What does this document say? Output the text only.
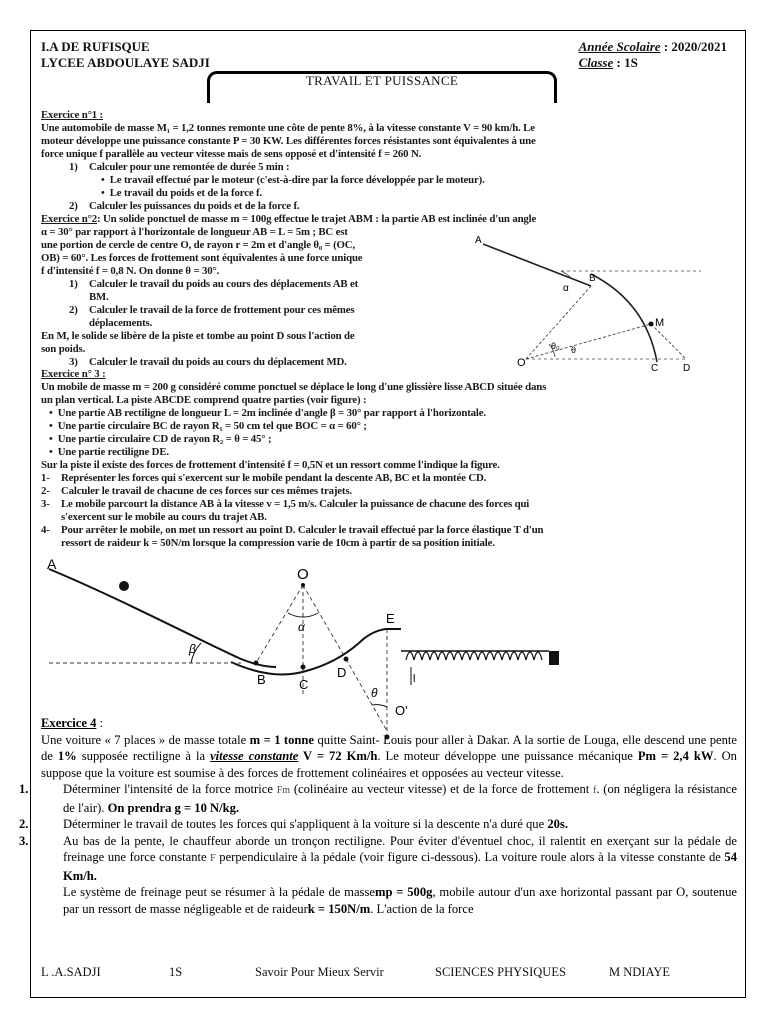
I.A DE RUFISQUE
LYCEE ABDOULAYE SADJI
Année Scolaire : 2020/2021
Classe : 1S
TRAVAIL ET PUISSANCE
Exercice n°1 :
Une automobile de masse M₁ = 1,2 tonnes remonte une côte de pente 8%, à la vitesse constante V = 90 km/h. Le
moteur développe une puissance constante P = 30 KW. Les différentes forces résistantes sont équivalentes à une
force unique f parallèle au vecteur vitesse mais de sens opposé et d'intensité f = 260 N.
1) Calculer pour une remontée de durée 5 min :
•  Le travail effectué par le moteur (c'est-à-dire par la force développée par le moteur).
•  Le travail du poids et de la force f.
2) Calculer les puissances du poids et de la force f.
Exercice n°2: Un solide ponctuel de masse m = 100g effectue le trajet ABM : la partie AB est inclinée d'un angle
α = 30° par rapport à l'horizontale de longueur AB = L = 5m ; BC est
une portion de cercle de centre O, de rayon r = 2m et d'angle θ₀ = (OC,
OB) = 60°. Les forces de frottement sont équivalentes à une force unique
f d'intensité f = 0,8 N. On donne θ = 30°.
1) Calculer le travail du poids au cours des déplacements AB et
BM.
2) Calculer le travail de la force de frottement pour ces mêmes
déplacements.
En M, le solide se libère de la piste et tombe au point D sous l'action de
son poids.
3) Calculer le travail du poids au cours du déplacement MD.
A
B
M
O	C D
α
θ₀ θ
Exercice n° 3 :
Un mobile de masse m = 200 g considéré comme ponctuel se déplace le long d'une glissière lisse ABCD située dans
un plan vertical. La piste ABCDE comprend quatre parties (voir figure) :
•  Une partie AB rectiligne de longueur L = 2m inclinée d'angle β = 30° par rapport à l'horizontale.
•  Une partie circulaire BC de rayon R₁ = 50 cm tel que BOC = α = 60° ;
•  Une partie circulaire CD de rayon R₂ = θ = 45° ;
•  Une partie rectiligne DE.
Sur la piste il existe des forces de frottement d'intensité f = 0,5N et un ressort comme l'indique la figure.
1- Représenter les forces qui s'exercent sur le mobile pendant la descente AB, BC et la montée CD.
2- Calculer le travail de chacune de ces forces sur ces mêmes trajets.
3- Le mobile parcourt la distance AB à la vitesse v = 1,5 m/s. Calculer la puissance de chacune des forces qui
s'exercent sur le mobile au cours du trajet AB.
4- Pour arrêter le mobile, on met un ressort au point D. Calculer le travail effectué par la force élastique T d'un
ressort de raideur k = 50N/m lorsque la compression varie de 10cm à partir de sa position initiale.
A
B
β
O
α
C
D
E
θ
O'
l
Exercice 4 :
Une voiture « 7 places » de masse totale m = 1 tonne quitte Saint- Louis pour aller à Dakar. A la sortie de Louga, elle descend une pente de 1% supposée rectiligne à la vitesse constante V = 72 Km/h. Le moteur développe une puissance mécanique Pm = 2,4 kW. On suppose que la voiture est soumise à des forces de frottement colinéaires et opposées au vecteur vitesse.
1.	Déterminer l'intensité de la force motrice Fm (colinéaire au vecteur vitesse) et de la force de frottement f. (on négligera la résistance de l'air). On prendra g = 10 N/kg.
2.	Déterminer le travail de toutes les forces qui s'appliquent à la voiture si la descente n'a duré que 20s.
3.	Au bas de la pente, le chauffeur aborde un tronçon rectiligne. Pour éviter d'éventuel choc, il ralentit en exerçant sur la pédale de freinage une force constante F perpendiculaire à la pédale (voir figure ci-dessous). La voiture roule alors à la vitesse constante de 54 Km/h.
Le système de freinage peut se résumer à la pédale de massemp = 500g, mobile autour d'un axe horizontal passant par O, soutenue par un ressort de masse négligeable et de raideurk = 150N/m. L'action de la force
L .A.SADJI	1S	Savoir Pour Mieux Servir	SCIENCES PHYSIQUES	M NDIAYE
